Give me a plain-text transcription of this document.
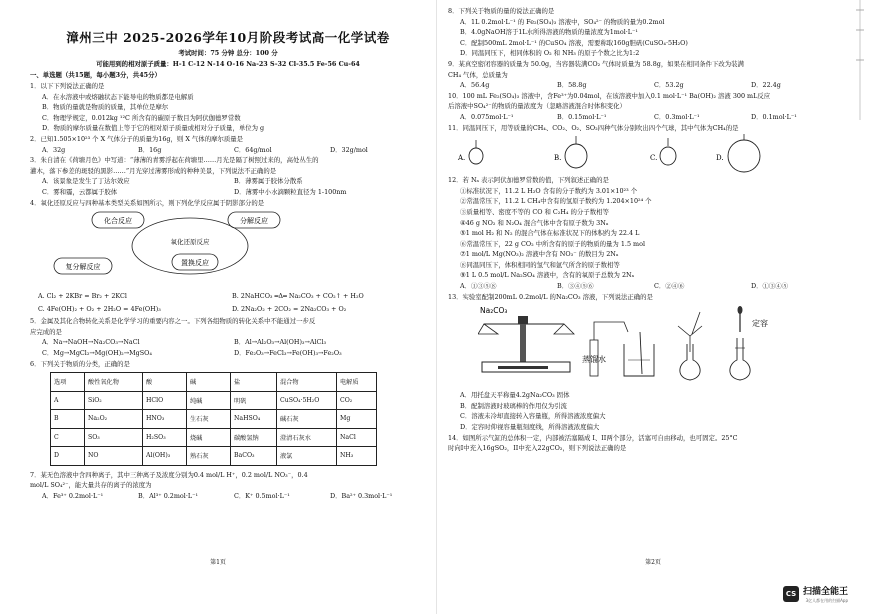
漳州三中 2025-2026学年10月阶段考试高一化学试卷
考试时间：75 分钟 总分：100 分
可能用到的相对原子质量：H-1 C-12 N-14 O-16 Na-23 S-32 Cl-35.5 Fe-56 Cu-64
一、单选题（共15题，每小题3分，共45分）
1．以下下列说法正确的是
A．在水溶液中或熔融状态下能导电的物质都是电解质
B．物质的量就是物质的质量，其单位是摩尔
C．物理学规定，0.012kg ¹²C 所含有的碳原子数目为阿伏伽德罗常数
D．物质的摩尔质量在数值上等于它的相对原子质量或相对分子质量，单位为 g
2．已知1.505×10²³ 个 X 气体分子的质量为16g，则 X 气体的摩尔质量是
A．32g	B．16g	C．64g/mol	D．32g/mol
3．朱自清在《荷塘月色》中写道：“薄薄的青雾浮起在荷塘里……月光是隔了树照过来的，高处丛生的
灌木，落下参差的斑驳的黑影……”月光穿过薄雾形成的种种美景，下列说法不正确的是
A．该景象是发生了丁达尔效应	B．薄雾属于胶体分散系
C．雾和霾，云都属于胶体	D．薄雾中小水滴颗粒直径为 1-100nm
4．氧化还原反应与四种基本类型关系如图所示，则下列化学反应属于阴影部分的是
化合反应	分解反应
氧化还原反应
复分解反应	置换反应
A. Cl₂ + 2KBr = Br₂ + 2KCl	B. 2NaHCO₃ ═Δ═ Na₂CO₃ + CO₂↑ + H₂O
C. 4Fe(OH)₂ + O₂ + 2H₂O = 4Fe(OH)₃	D. 2Na₂O₂ + 2CO₂ = 2Na₂CO₃ + O₂
5．金属及其化合物转化关系是化学学习的重要内容之一。下列各组物质的转化关系中不能通过一步反
应完成的是
A．Na→NaOH→Na₂CO₃→NaCl	B．Al→Al₂O₃→Al(OH)₃→AlCl₃
C．Mg→MgCl₂→Mg(OH)₂→MgSO₄	D．Fe₂O₃→FeCl₃→Fe(OH)₃→Fe₂O₃
6．下列关于物质的分类，正确的是
选项	酸性氧化物	酸	碱	盐	混合物	电解质
A	SiO₂	HClO	纯碱	明矾	CuSO₄·5H₂O	CO₂
B	Na₂O₂	HNO₃	生石灰	NaHSO₄	碱石灰	Mg
C	SO₃	H₂SO₃	烧碱	碳酸氢钠	澄清石灰水	NaCl
D	NO	Al(OH)₃	熟石灰	BaCO₃	液氯	NH₃
7．某无色溶液中含四种离子，其中三种离子及浓度分别为0.4 mol/L H⁺，0.2 mol/L NO₃⁻，0.4
mol/L SO₄²⁻，能大量共存的离子的浓度为
A．Fe³⁺ 0.2mol·L⁻¹	B．Al³⁺ 0.2mol·L⁻¹	C．K⁺ 0.5mol·L⁻¹	D．Ba²⁺ 0.3mol·L⁻¹
第1页
8．下列关于物质的量的说法正确的是
A．1L 0.2mol·L⁻¹ 的 Fe₂(SO₄)₃ 溶液中，SO₄²⁻ 的物质的量为0.2mol
B．4.0gNaOH溶于1L水所得溶液的物质的量浓度为1mol·L⁻¹
C．配制500mL 2mol·L⁻¹ 的CuSO₄ 溶液，需要称取160g胆矾(CuSO₄·5H₂O)
D．同温同压下，相同体积的 O₂ 和 NH₃ 的原子个数之比为1:2
9．某真空密闭容器的质量为 50.0g，当容器装满CO₂ 气体时质量为 58.8g，如果在相同条件下改为装满
CH₄ 气体，总质量为
A．56.4g	B．58.8g	C．53.2g	D．22.4g
10．100 mL Fe₂(SO₄)₃ 溶液中，含Fe³⁺为0.04mol，在该溶液中加入0.1 mol·L⁻¹ Ba(OH)₂ 溶液 300 mL反应
后溶液中SO₄²⁻的物质的量浓度为（忽略溶液混合时体积变化）
A．0.075mol·L⁻¹	B．0.15mol·L⁻¹	C．0.3mol·L⁻¹	D．0.1mol·L⁻¹
11．同温同压下，用等质量的CH₄、CO₂、O₂、SO₂四种气体分别吹出四个气球，其中气体为CH₄的是
A.	B.	C.	D.
12．若 Nₐ 表示阿伏加德罗常数的值，下列叙述正确的是
①标准状况下，11.2 L H₂O 含有的分子数约为 3.01×10²³ 个
②常温常压下，11.2 L CH₄中含有的氢原子数约为 1.204×10²⁴ 个
③质量相等、密度不等的 CO 和 C₂H₄ 的分子数相等
④46 g NO₂ 和 N₂O₄ 混合气体中含有原子数为 3Nₐ
⑤1 mol H₂ 和 N₂ 的混合气体在标准状况下的体积约为 22.4 L
⑥常温常压下，22 g CO₂ 中所含有的原子的物质的量为 1.5 mol
⑦1 mol/L Mg(NO₃)₂ 溶液中含有 NO₃⁻ 的数目为 2Nₐ
⑧同温同压下，体积相同的氢气和氩气所含的原子数相等
⑨1 L 0.5 mol/L Na₂SO₄ 溶液中，含有的氧原子总数为 2Nₐ
A．①③⑤⑧	B．③④⑤⑥	C．②④⑥	D．①③④⑤
13．实验室配制200mL 0.2mol/L 的Na₂CO₃ 溶液，下列说法正确的是
Na₂CO₃
蒸馏水
定容
A．用托盘天平称量4.2gNa₂CO₃ 固体
B．配制溶液时玻璃棒的作用仅为引流
C．溶液未冷却直接转入容量瓶，所得溶液浓度偏大
D．定容时仰视容量瓶刻度线，所得溶液浓度偏大
14．如图所示气缸的总体积一定，内部被活塞隔成 I、II两个部分，活塞可自由移动，也可固定。25°C
时向I中充入16gSO₂，II中充入22gCO₂，则下列说法正确的是
第2页
CS 扫描全能王
3亿人都在用的扫描App
